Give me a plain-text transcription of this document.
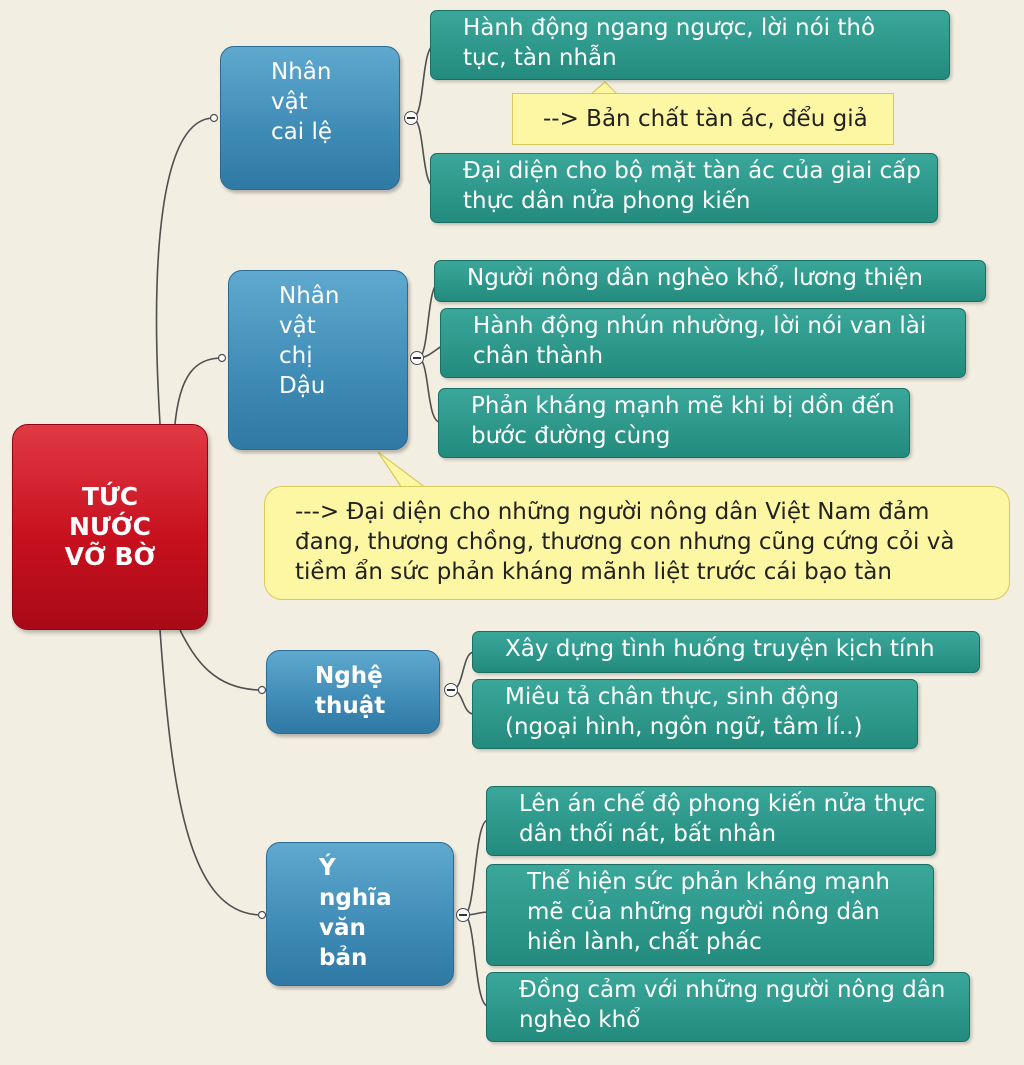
TỨC NƯỚC VỠ BỜ
Nhân vật cai lệ
Hành động ngang ngược, lời nói thô tục, tàn nhẫn
--> Bản chất tàn ác, đểu giả
Đại diện cho bộ mặt tàn ác của giai cấp thực dân nửa phong kiến
Nhân vật chị Dậu
Người nông dân nghèo khổ, lương thiện
Hành động nhún nhường, lời nói van lài chân thành
Phản kháng mạnh mẽ khi bị dồn đến bước đường cùng
---> Đại diện cho những người nông dân Việt Nam đảm đang, thương chồng, thương con nhưng cũng cứng cỏi và tiềm ẩn sức phản kháng mãnh liệt trước cái bạo tàn
Nghệ thuật
Xây dựng tình huống truyện kịch tính
Miêu tả chân thực, sinh động (ngoại hình, ngôn ngữ, tâm lí..)
Ý nghĩa văn bản
Lên án chế độ phong kiến nửa thực dân thối nát, bất nhân
Thể hiện sức phản kháng mạnh mẽ của những người nông dân hiền lành, chất phác
Đồng cảm với những người nông dân nghèo khổ
